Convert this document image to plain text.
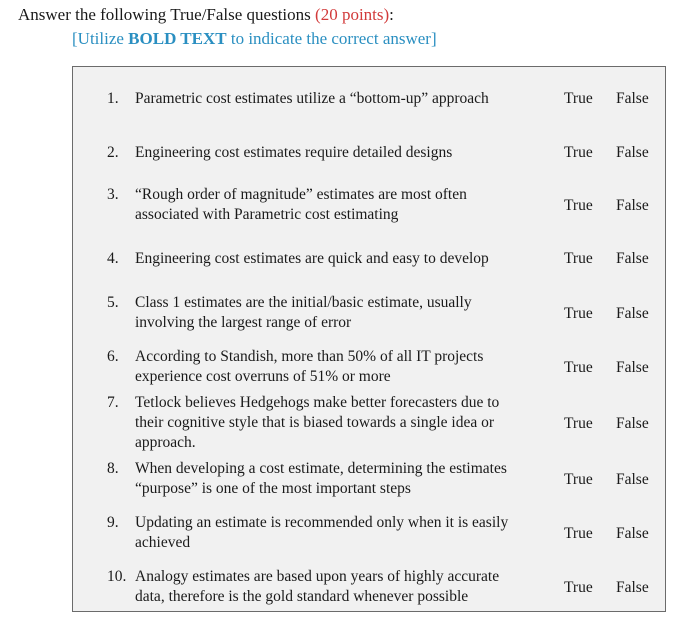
Answer the following True/False questions (20 points):
[Utilize BOLD TEXT to indicate the correct answer]
1. Parametric cost estimates utilize a “bottom-up” approach	True False
2. Engineering cost estimates require detailed designs	True False
3. “Rough order of magnitude” estimates are most often
associated with Parametric cost estimating
True False
4. Engineering cost estimates are quick and easy to develop	True False
5. Class 1 estimates are the initial/basic estimate, usually
involving the largest range of error
True False
6. According to Standish, more than 50% of all IT projects
experience cost overruns of 51% or more
True False
7. Tetlock believes Hedgehogs make better forecasters due to
their cognitive style that is biased towards a single idea or
approach.
True False
8. When developing a cost estimate, determining the estimates
“purpose” is one of the most important steps
True False
9. Updating an estimate is recommended only when it is easily
achieved
True False
10. Analogy estimates are based upon years of highly accurate
data, therefore is the gold standard whenever possible
True False
